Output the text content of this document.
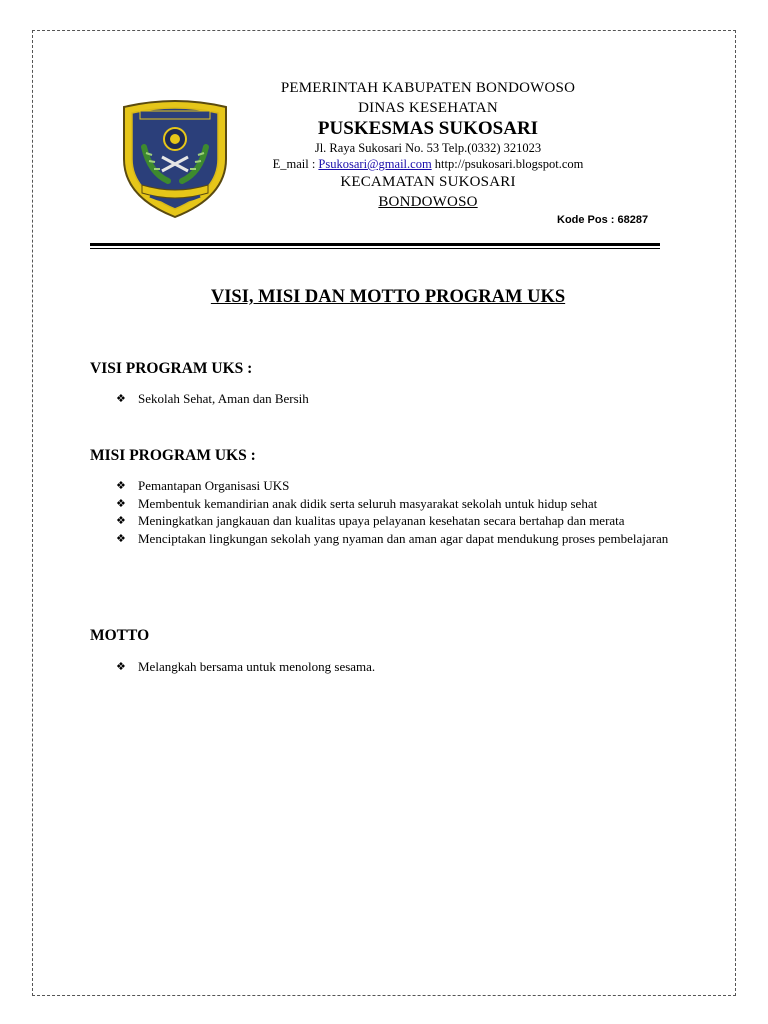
PEMERINTAH KABUPATEN BONDOWOSO
DINAS KESEHATAN
PUSKESMAS SUKOSARI
Jl. Raya Sukosari No. 53 Telp.(0332) 321023
E_mail : Psukosari@gmail.com http://psukosari.blogspot.com
KECAMATAN SUKOSARI
BONDOWOSO
Kode Pos : 68287
VISI, MISI DAN MOTTO PROGRAM UKS
VISI PROGRAM UKS :
❖ Sekolah Sehat, Aman dan Bersih
MISI PROGRAM UKS :
❖ Pemantapan Organisasi UKS
❖ Membentuk kemandirian anak didik serta seluruh masyarakat sekolah untuk hidup sehat
❖ Meningkatkan jangkauan dan kualitas upaya pelayanan kesehatan secara bertahap dan merata
❖ Menciptakan lingkungan sekolah yang nyaman dan aman agar dapat mendukung proses pembelajaran
MOTTO
❖ Melangkah bersama untuk menolong sesama.
